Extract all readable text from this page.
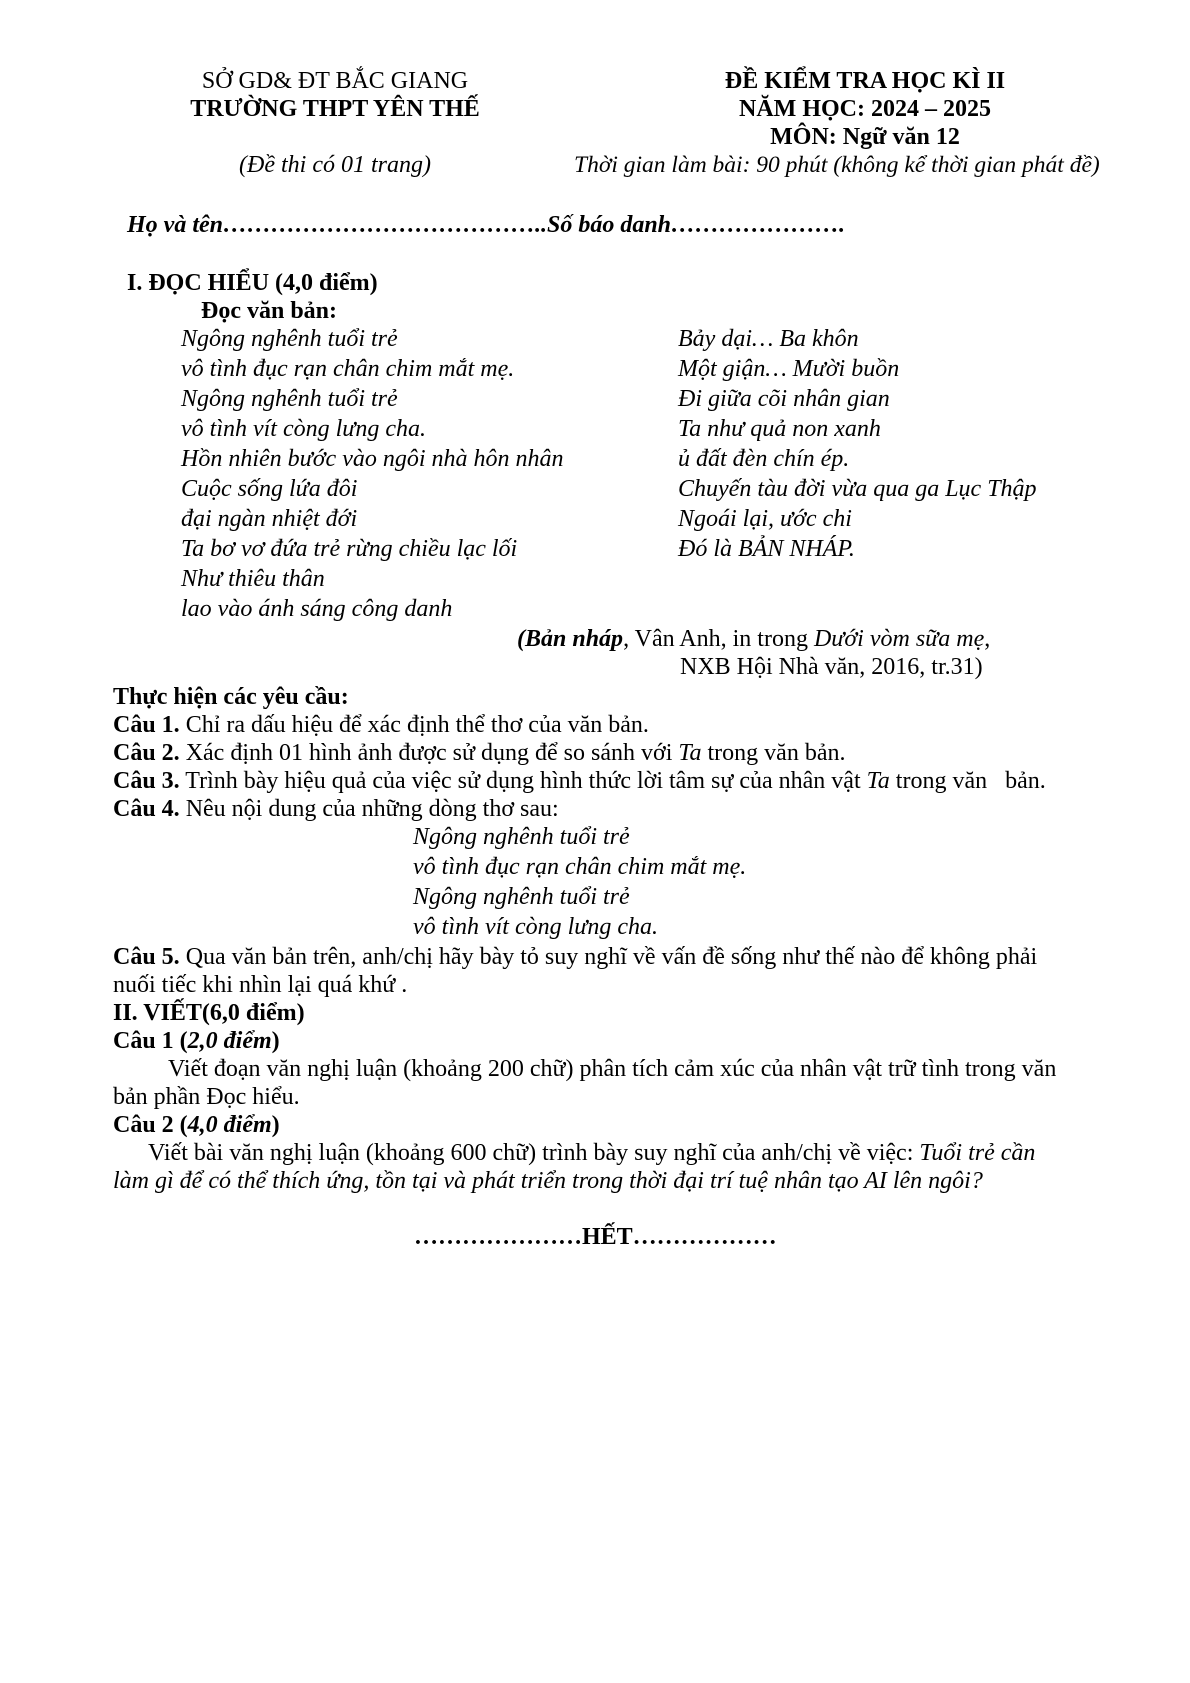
SỞ GD& ĐT BẮC GIANG
TRƯỜNG THPT YÊN THẾ
(Đề thi có 01 trang)
ĐỀ KIỂM TRA HỌC KÌ II
NĂM HỌC: 2024 – 2025
MÔN: Ngữ văn 12
Thời gian làm bài: 90 phút (không kể thời gian phát đề)
Họ và tên…………………………………..Số báo danh………………….
I. ĐỌC HIỂU (4,0 điểm)
Đọc văn bản:
Ngông nghênh tuổi trẻ
vô tình đục rạn chân chim mắt mẹ.
Ngông nghênh tuổi trẻ
vô tình vít còng lưng cha.
Hồn nhiên bước vào ngôi nhà hôn nhân
Cuộc sống lứa đôi
đại ngàn nhiệt đới
Ta bơ vơ đứa trẻ rừng chiều lạc lối
Như thiêu thân
lao vào ánh sáng công danh
Bảy dại… Ba khôn
Một giận… Mười buồn
Đi giữa cõi nhân gian
Ta như quả non xanh
ủ đất đèn chín ép.
Chuyến tàu đời vừa qua ga Lục Thập
Ngoái lại, ước chi
Đó là BẢN NHÁP.
(Bản nháp, Vân Anh, in trong Dưới vòm sữa mẹ,
NXB Hội Nhà văn, 2016, tr.31)
Thực hiện các yêu cầu:
Câu 1. Chỉ ra dấu hiệu để xác định thể thơ của văn bản.
Câu 2. Xác định 01 hình ảnh được sử dụng để so sánh với Ta trong văn bản.
Câu 3. Trình bày hiệu quả của việc sử dụng hình thức lời tâm sự của nhân vật Ta trong văn   bản.
Câu 4. Nêu nội dung của những dòng thơ sau:
Ngông nghênh tuổi trẻ
vô tình đục rạn chân chim mắt mẹ.
Ngông nghênh tuổi trẻ
vô tình vít còng lưng cha.
Câu 5. Qua văn bản trên, anh/chị hãy bày tỏ suy nghĩ về vấn đề sống như thế nào để không phải
nuối tiếc khi nhìn lại quá khứ .
II. VIẾT(6,0 điểm)
Câu 1 (2,0 điểm)
Viết đoạn văn nghị luận (khoảng 200 chữ) phân tích cảm xúc của nhân vật trữ tình trong văn
bản phần Đọc hiểu.
Câu 2 (4,0 điểm)
Viết bài văn nghị luận (khoảng 600 chữ) trình bày suy nghĩ của anh/chị về việc: Tuổi trẻ cần
làm gì để có thể thích ứng, tồn tại và phát triển trong thời đại trí tuệ nhân tạo AI lên ngôi?
…………………HẾT………………
